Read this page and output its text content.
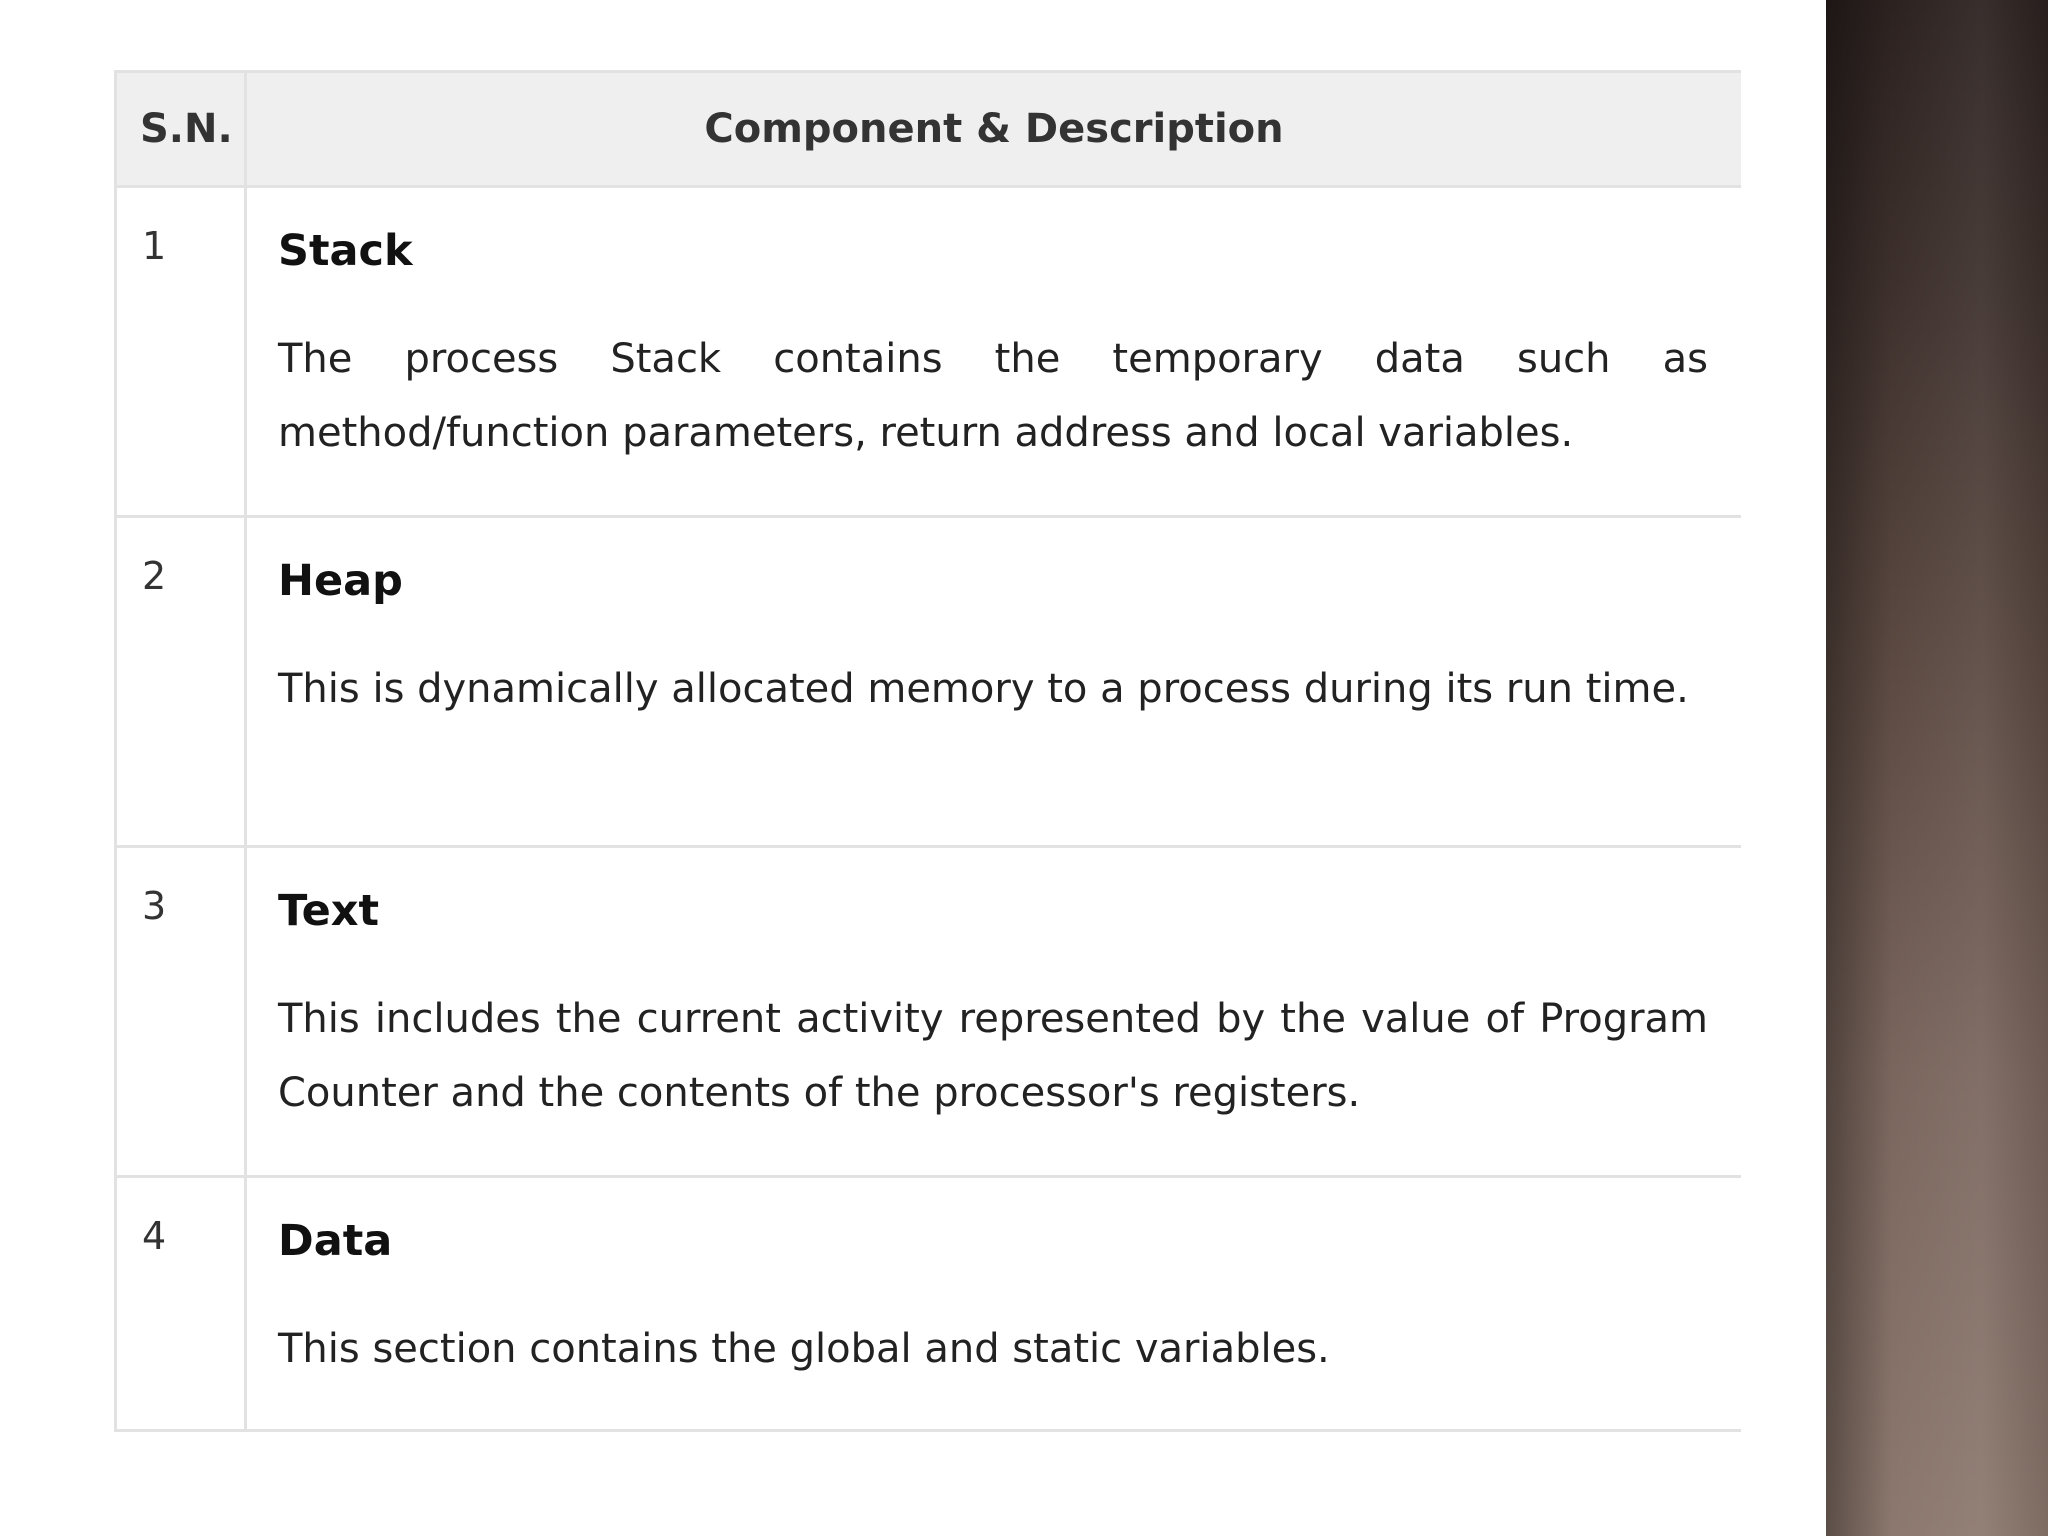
S.N.	Component & Description
1	Stack
The process Stack contains the temporary data such as method/function parameters, return address and local variables.
2	Heap
This is dynamically allocated memory to a process during its run time.
3	Text
This includes the current activity represented by the value of Program Counter and the contents of the processor's registers.
4	Data
This section contains the global and static variables.
